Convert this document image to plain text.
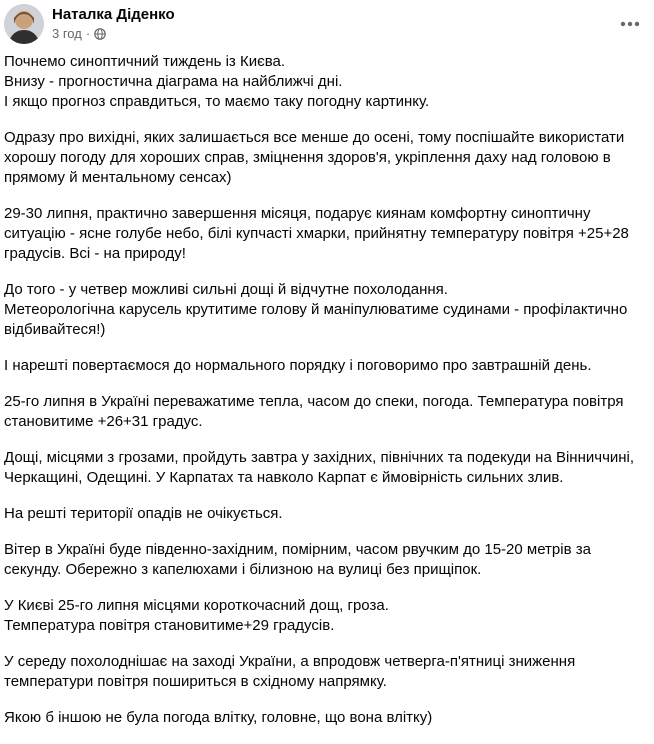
Наталка Діденко
3 год ·
Почнемо синоптичний тиждень із Києва.
Внизу - прогностична діаграма на найближчі дні.
І якщо прогноз справдиться, то маємо таку погодну картинку.
Одразу про вихідні, яких залишається все менше до осені, тому поспішайте використати хорошу погоду для хороших справ, зміцнення здоров'я, укріплення даху над головою в прямому й ментальному сенсах)
29-30 липня, практично завершення місяця, подарує киянам комфортну синоптичну ситуацію - ясне голубе небо, білі купчасті хмарки, прийнятну температуру повітря +25+28 градусів. Всі - на природу!
До того - у четвер можливі сильні дощі й відчутне похолодання.
Метеорологічна карусель крутитиме голову й маніпулюватиме судинами - профілактично відбивайтеся!)
І нарешті повертаємося до нормального порядку і поговоримо про завтрашній день.
25-го липня в Україні переважатиме тепла, часом до спеки, погода. Температура повітря становитиме +26+31 градус.
Дощі, місцями з грозами, пройдуть завтра у західних, північних та подекуди на Вінниччині, Черкащині, Одещині. У Карпатах та навколо Карпат є ймовірність сильних злив.
На решті території опадів не очікується.
Вітер в Україні буде південно-західним, помірним, часом рвучким до 15-20 метрів за секунду. Обережно з капелюхами і білизною на вулиці без прищіпок.
У Києві 25-го липня місцями короткочасний дощ, гроза.
Температура повітря становитиме+29 градусів.
У середу похолоднішає на заході України, а впродовж четверга-п'ятниці зниження температури повітря пошириться в східному напрямку.
Якою б іншою не була погода влітку, головне, що вона влітку)
